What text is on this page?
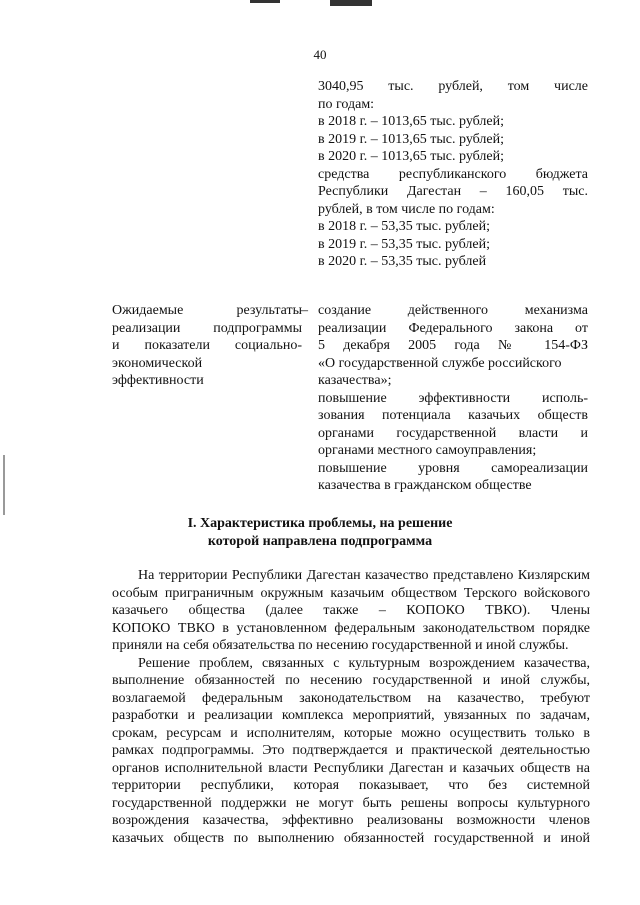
40
3040,95 тыс. рублей, том числе
по годам:
в 2018 г. – 1013,65 тыс. рублей;
в 2019 г. – 1013,65 тыс. рублей;
в 2020 г. – 1013,65 тыс. рублей;
средства республиканского бюджета
Республики Дагестан – 160,05 тыс.
рублей, в том числе по годам:
в 2018 г. – 53,35 тыс. рублей;
в 2019 г. – 53,35 тыс. рублей;
в 2020 г. – 53,35 тыс. рублей
Ожидаемые результаты
реализации подпрограммы
и показатели социально-
экономической
эффективности
– создание действенного механизма
реализации Федерального закона от
5 декабря 2005 года № 154-ФЗ
«О государственной службе российского
казачества»;
повышение эффективности исполь-
зования потенциала казачьих обществ
органами государственной власти и
органами местного самоуправления;
повышение уровня самореализации
казачества в гражданском обществе
I. Характеристика проблемы, на решение
которой направлена подпрограмма
На территории Республики Дагестан казачество представлено Кизлярским
особым приграничным окружным казачьим обществом Терского войскового
казачьего общества (далее также – КОПОКО ТВКО). Члены
КОПОКО ТВКО в установленном федеральным законодательством порядке
приняли на себя обязательства по несению государственной и иной службы.
Решение проблем, связанных с культурным возрождением казачества,
выполнение обязанностей по несению государственной и иной службы,
возлагаемой федеральным законодательством на казачество, требуют
разработки и реализации комплекса мероприятий, увязанных по задачам,
срокам, ресурсам и исполнителям, которые можно осуществить только в
рамках подпрограммы. Это подтверждается и практической деятельностью
органов исполнительной власти Республики Дагестан и казачьих обществ на
территории республики, которая показывает, что без системной
государственной поддержки не могут быть решены вопросы культурного
возрождения казачества, эффективно реализованы возможности членов
казачьих обществ по выполнению обязанностей государственной и иной
